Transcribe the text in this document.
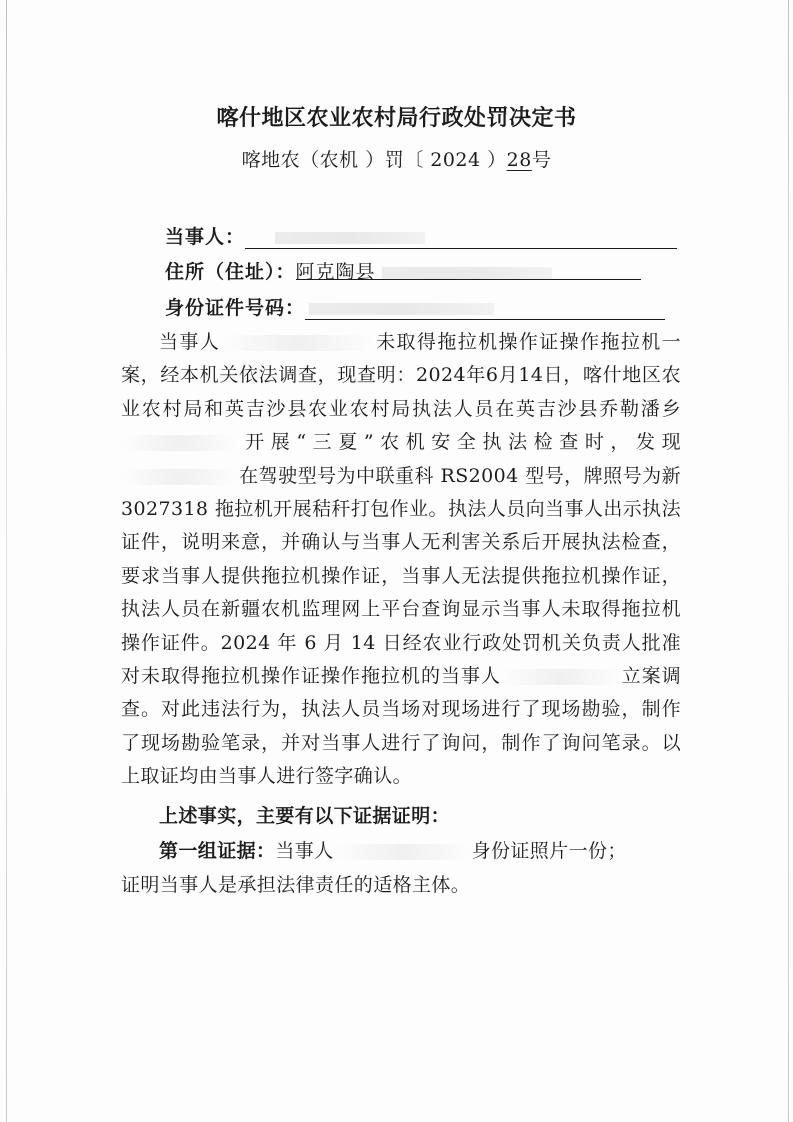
喀什地区农业农村局行政处罚决定书
喀地农（农机 ）罚〔 2024 ）28号
当事人：
住所（住址）：阿克陶县
身份证件号码：

当事人	未取得拖拉机操作证操作拖拉机一案，经本机关依法调查，现查明：2024年6月14日，喀什地区农业农村局和英吉沙县农业农村局执法人员在英吉沙县乔勒潘乡开展“三夏”农机安全执法检查时，发现在驾驶型号为中联重科 RS2004 型号，牌照号为新 3027318 拖拉机开展秸秆打包作业。执法人员向当事人出示执法证件，说明来意，并确认与当事人无利害关系后开展执法检查，要求当事人提供拖拉机操作证，当事人无法提供拖拉机操作证，执法人员在新疆农机监理网上平台查询显示当事人未取得拖拉机操作证件。2024 年 6 月 14 日经农业行政处罚机关负责人批准对未取得拖拉机操作证操作拖拉机的当事人	立案调查。对此违法行为，执法人员当场对现场进行了现场勘验，制作了现场勘验笔录，并对当事人进行了询问，制作了询问笔录。以上取证均由当事人进行签字确认。

上述事实，主要有以下证据证明：

第一组证据：当事人	身份证照片一份；

证明当事人是承担法律责任的适格主体。
